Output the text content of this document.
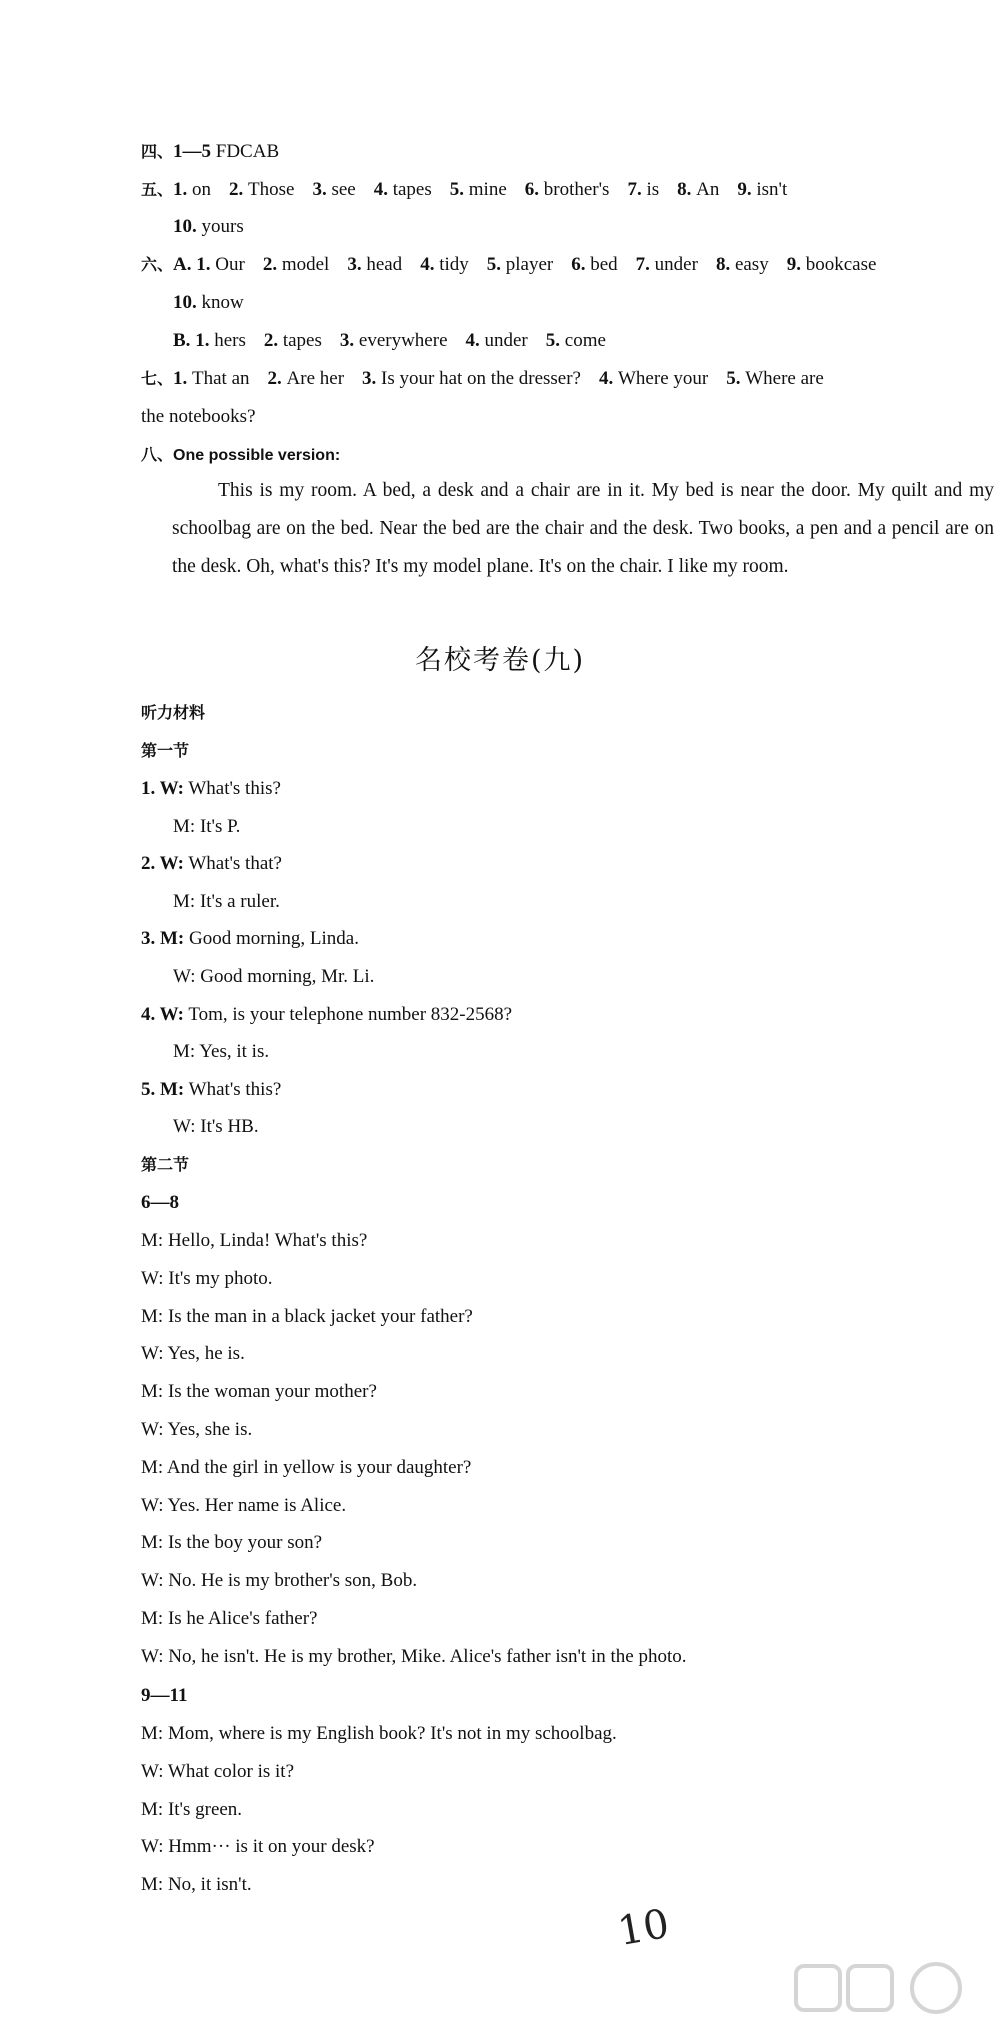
四、1—5 FDCAB
五、1. on 2. Those 3. see 4. tapes 5. mine 6. brother's 7. is 8. An 9. isn't
10. yours
六、A. 1. Our 2. model 3. head 4. tidy 5. player 6. bed 7. under 8. easy 9. bookcase
10. know
B. 1. hers 2. tapes 3. everywhere 4. under 5. come
七、1. That an 2. Are her 3. Is your hat on the dresser? 4. Where your 5. Where are
the notebooks?
八、One possible version:

This is my room. A bed, a desk and a chair are in it. My bed is near the door. My quilt and my schoolbag are on the bed. Near the bed are the chair and the desk. Two books, a pen and a pencil are on the desk. Oh, what's this? It's my model plane. It's on the chair. I like my room.

名校考卷(九)
听力材料
第一节
1. W: What's this?
M: It's P.
2. W: What's that?
M: It's a ruler.
3. M: Good morning, Linda.
W: Good morning, Mr. Li.
4. W: Tom, is your telephone number 832-2568?
M: Yes, it is.
5. M: What's this?
W: It's HB.
第二节
6—8
M: Hello, Linda! What's this?
W: It's my photo.
M: Is the man in a black jacket your father?
W: Yes, he is.
M: Is the woman your mother?
W: Yes, she is.
M: And the girl in yellow is your daughter?
W: Yes. Her name is Alice.
M: Is the boy your son?
W: No. He is my brother's son, Bob.
M: Is he Alice's father?
W: No, he isn't. He is my brother, Mike. Alice's father isn't in the photo.
9—11
M: Mom, where is my English book? It's not in my schoolbag.
W: What color is it?
M: It's green.
W: Hmm··· is it on your desk?
M: No, it isn't.
10
